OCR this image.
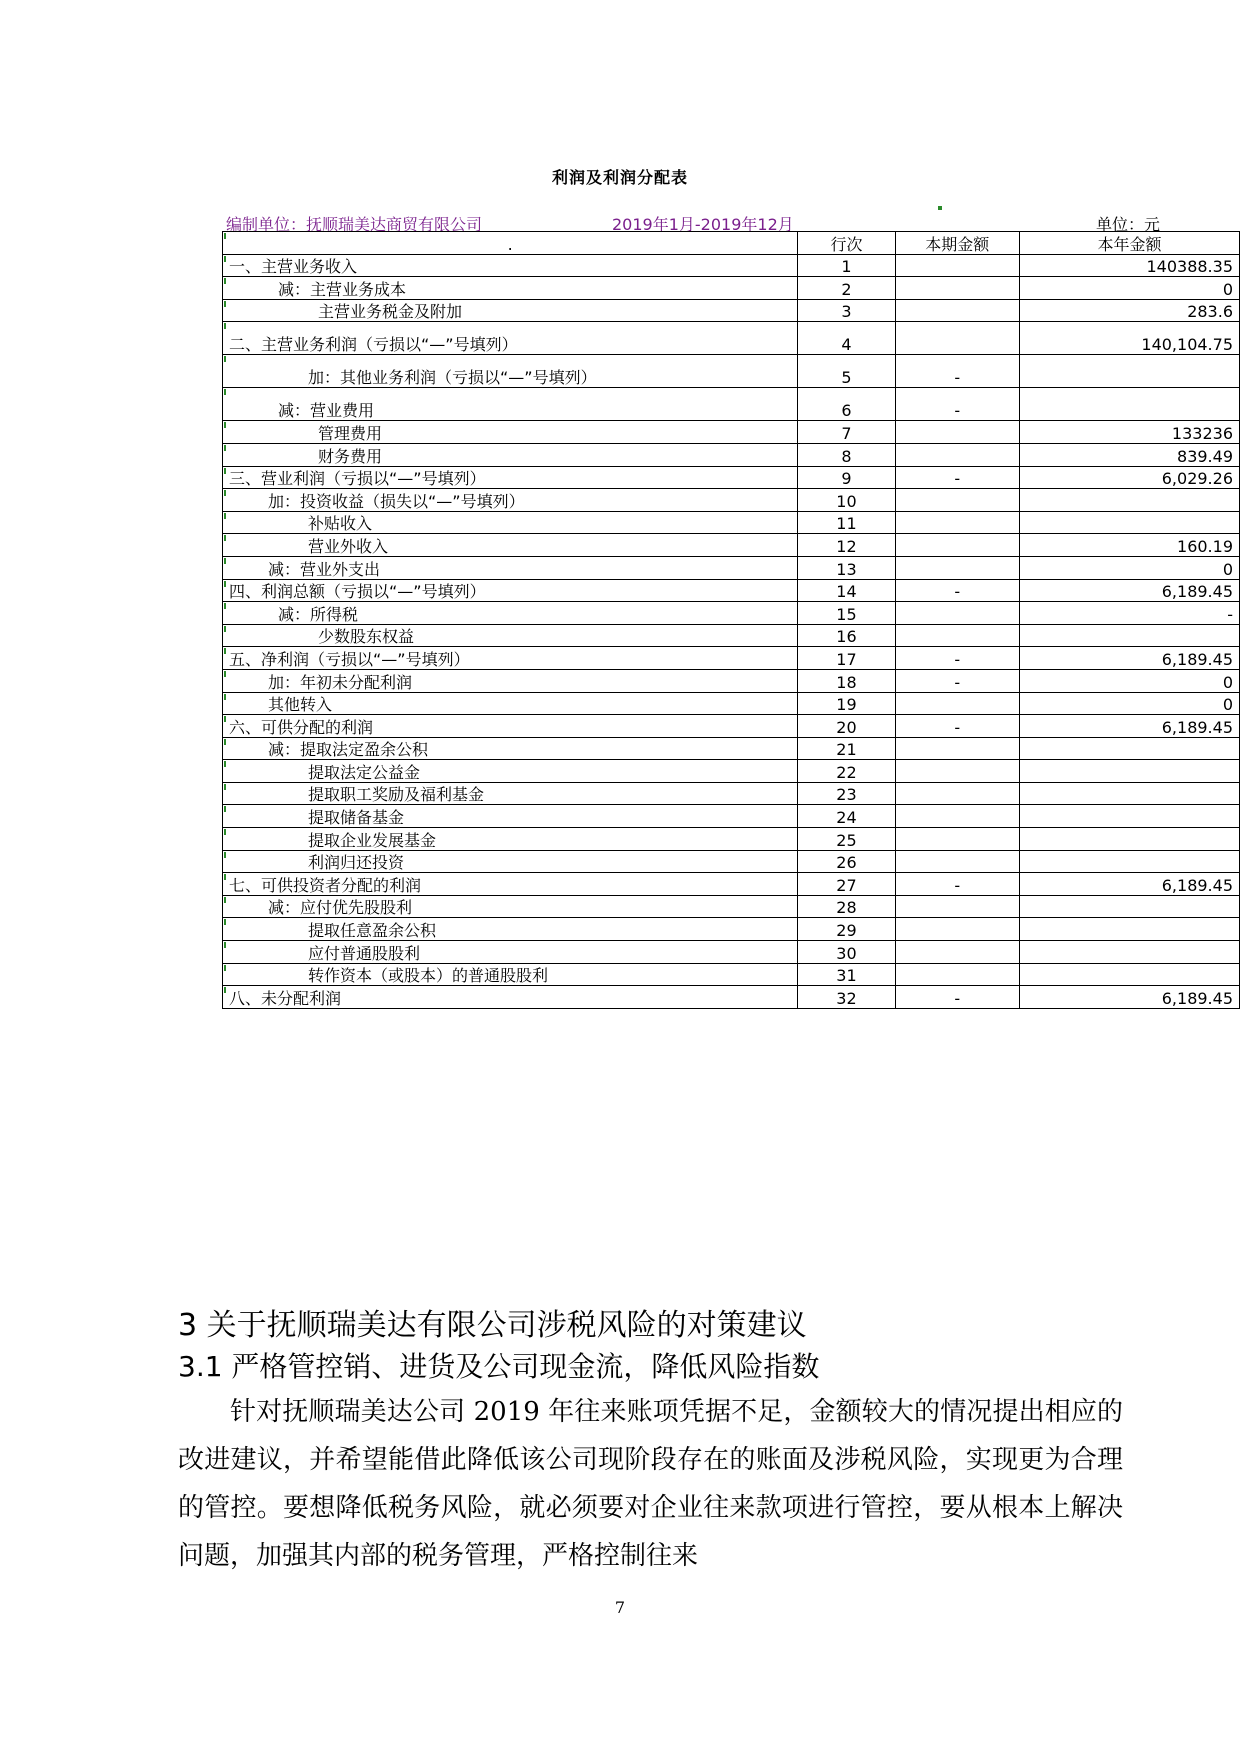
利润及利润分配表
编制单位：抚顺瑞美达商贸有限公司	2019年1月-2019年12月	单位：元
.	行次	本期金额	本年金额
一、主营业务收入	1		140388.35
减：主营业务成本	2		0
主营业务税金及附加	3		283.6
二、主营业务利润（亏损以“—”号填列）	4		140,104.75
加：其他业务利润（亏损以“—”号填列）	5	-	
减：营业费用	6	-	
管理费用	7		133236
财务费用	8		839.49
三、营业利润（亏损以“—”号填列）	9	-	6,029.26
加：投资收益（损失以“—”号填列）	10		
补贴收入	11		
营业外收入	12		160.19
减：营业外支出	13		0
四、利润总额（亏损以“—”号填列）	14	-	6,189.45
减：所得税	15		-
少数股东权益	16		
五、净利润（亏损以“—”号填列）	17	-	6,189.45
加：年初未分配利润	18	-	0
其他转入	19		0
六、可供分配的利润	20	-	6,189.45
减：提取法定盈余公积	21		
提取法定公益金	22		
提取职工奖励及福利基金	23		
提取储备基金	24		
提取企业发展基金	25		
利润归还投资	26		
七、可供投资者分配的利润	27	-	6,189.45
减：应付优先股股利	28		
提取任意盈余公积	29		
应付普通股股利	30		
转作资本（或股本）的普通股股利	31		
八、未分配利润	32	-	6,189.45
3 关于抚顺瑞美达有限公司涉税风险的对策建议
3.1 严格管控销、进货及公司现金流，降低风险指数
针对抚顺瑞美达公司 2019 年往来账项凭据不足，金额较大的情况提出相应的改进建议，并希望能借此降低该公司现阶段存在的账面及涉税风险，实现更为合理的管控。要想降低税务风险，就必须要对企业往来款项进行管控，要从根本上解决问题，加强其内部的税务管理，严格控制往来
7
